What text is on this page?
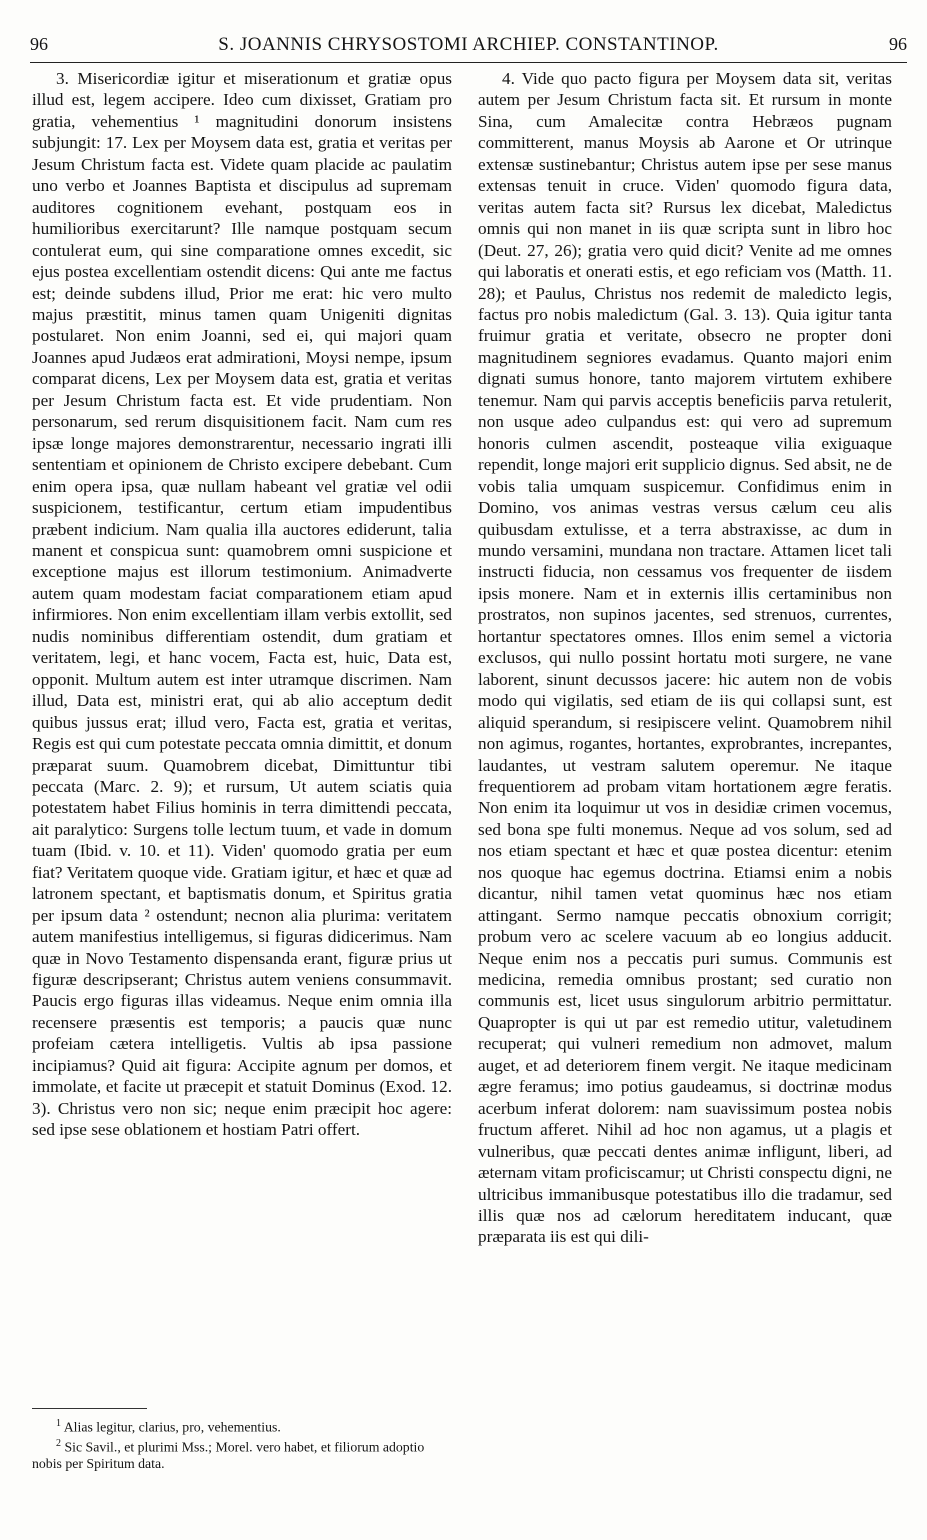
96	S. JOANNIS CHRYSOSTOMI ARCHIEP. CONSTANTINOP.	96

3. Misericordiæ igitur et miserationum et gratiæ opus illud est, legem accipere. Ideo cum dixisset, Gratiam pro gratia, vehementius ¹ magnitudini donorum insistens subjungit: 17. Lex per Moysem data est, gratia et veritas per Jesum Christum facta est. Videte quam placide ac paulatim uno verbo et Joannes Baptista et discipulus ad supremam auditores cognitionem evehant, postquam eos in humilioribus exercitarunt? Ille namque postquam secum contulerat eum, qui sine comparatione omnes excedit, sic ejus postea excellentiam ostendit dicens: Qui ante me factus est; deinde subdens illud, Prior me erat: hic vero multo majus præstitit, minus tamen quam Unigeniti dignitas postularet. Non enim Joanni, sed ei, qui majori quam Joannes apud Judæos erat admirationi, Moysi nempe, ipsum comparat dicens, Lex per Moysem data est, gratia et veritas per Jesum Christum facta est. Et vide prudentiam. Non personarum, sed rerum disquisitionem facit. Nam cum res ipsæ longe majores demonstrarentur, necessario ingrati illi sententiam et opinionem de Christo excipere debebant. Cum enim opera ipsa, quæ nullam habeant vel gratiæ vel odii suspicionem, testificantur, certum etiam impudentibus præbent indicium. Nam qualia illa auctores ediderunt, talia manent et conspicua sunt: quamobrem omni suspicione et exceptione majus est illorum testimonium. Animadverte autem quam modestam faciat comparationem etiam apud infirmiores. Non enim excellentiam illam verbis extollit, sed nudis nominibus differentiam ostendit, dum gratiam et veritatem, legi, et hanc vocem, Facta est, huic, Data est, opponit. Multum autem est inter utramque discrimen. Nam illud, Data est, ministri erat, qui ab alio acceptum dedit quibus jussus erat; illud vero, Facta est, gratia et veritas, Regis est qui cum potestate peccata omnia dimittit, et donum præparat suum. Quamobrem dicebat, Dimittuntur tibi peccata (Marc. 2. 9); et rursum, Ut autem sciatis quia potestatem habet Filius hominis in terra dimittendi peccata, ait paralytico: Surgens tolle lectum tuum, et vade in domum tuam (Ibid. v. 10. et 11). Viden' quomodo gratia per eum fiat? Veritatem quoque vide. Gratiam igitur, et hæc et quæ ad latronem spectant, et baptismatis donum, et Spiritus gratia per ipsum data ² ostendunt; necnon alia plurima: veritatem autem manifestius intelligemus, si figuras didicerimus. Nam quæ in Novo Testamento dispensanda erant, figuræ prius ut figuræ descripserant; Christus autem veniens consummavit. Paucis ergo figuras illas videamus. Neque enim omnia illa recensere præsentis est temporis; a paucis quæ nunc profeiam cætera intelligetis. Vultis ab ipsa passione incipiamus? Quid ait figura: Accipite agnum per domos, et immolate, et facite ut præcepit et statuit Dominus (Exod. 12. 3). Christus vero non sic; neque enim præcipit hoc agere: sed ipse sese oblationem et hostiam Patri offert.

4. Vide quo pacto figura per Moysem data sit, veritas autem per Jesum Christum facta sit. Et rursum in monte Sina, cum Amalecitæ contra Hebræos pugnam committerent, manus Moysis ab Aarone et Or utrinque extensæ sustinebantur; Christus autem ipse per sese manus extensas tenuit in cruce. Viden' quomodo figura data, veritas autem facta sit? Rursus lex dicebat, Maledictus omnis qui non manet in iis quæ scripta sunt in libro hoc (Deut. 27, 26); gratia vero quid dicit? Venite ad me omnes qui laboratis et onerati estis, et ego reficiam vos (Matth. 11. 28); et Paulus, Christus nos redemit de maledicto legis, factus pro nobis maledictum (Gal. 3. 13). Quia igitur tanta fruimur gratia et veritate, obsecro ne propter doni magnitudinem segniores evadamus. Quanto majori enim dignati sumus honore, tanto majorem virtutem exhibere tenemur. Nam qui parvis acceptis beneficiis parva retulerit, non usque adeo culpandus est: qui vero ad supremum honoris culmen ascendit, posteaque vilia exiguaque rependit, longe majori erit supplicio dignus. Sed absit, ne de vobis talia umquam suspicemur. Confidimus enim in Domino, vos animas vestras versus cælum ceu alis quibusdam extulisse, et a terra abstraxisse, ac dum in mundo versamini, mundana non tractare. Attamen licet tali instructi fiducia, non cessamus vos frequenter de iisdem ipsis monere. Nam et in externis illis certaminibus non prostratos, non supinos jacentes, sed strenuos, currentes, hortantur spectatores omnes. Illos enim semel a victoria exclusos, qui nullo possint hortatu moti surgere, ne vane laborent, sinunt decussos jacere: hic autem non de vobis modo qui vigilatis, sed etiam de iis qui collapsi sunt, est aliquid sperandum, si resipiscere velint. Quamobrem nihil non agimus, rogantes, hortantes, exprobrantes, increpantes, laudantes, ut vestram salutem operemur. Ne itaque frequentiorem ad probam vitam hortationem ægre feratis. Non enim ita loquimur ut vos in desidiæ crimen vocemus, sed bona spe fulti monemus. Neque ad vos solum, sed ad nos etiam spectant et hæc et quæ postea dicentur: etenim nos quoque hac egemus doctrina. Etiamsi enim a nobis dicantur, nihil tamen vetat quominus hæc nos etiam attingant. Sermo namque peccatis obnoxium corrigit; probum vero ac scelere vacuum ab eo longius adducit. Neque enim nos a peccatis puri sumus. Communis est medicina, remedia omnibus prostant; sed curatio non communis est, licet usus singulorum arbitrio permittatur. Quapropter is qui ut par est remedio utitur, valetudinem recuperat; qui vulneri remedium non admovet, malum auget, et ad deteriorem finem vergit. Ne itaque medicinam ægre feramus; imo potius gaudeamus, si doctrinæ modus acerbum inferat dolorem: nam suavissimum postea nobis fructum afferet. Nihil ad hoc non agamus, ut a plagis et vulneribus, quæ peccati dentes animæ infligunt, liberi, ad æternam vitam proficiscamur; ut Christi conspectu digni, ne ultricibus immanibusque potestatibus illo die tradamur, sed illis quæ nos ad cælorum hereditatem inducant, quæ præparata iis est qui dili-

$^1$ Alias legitur, clarius, pro, vehementius.

$^2$ Sic Savil., et plurimi Mss.; Morel. vero habet, et filiorum adoptio nobis per Spiritum data.
